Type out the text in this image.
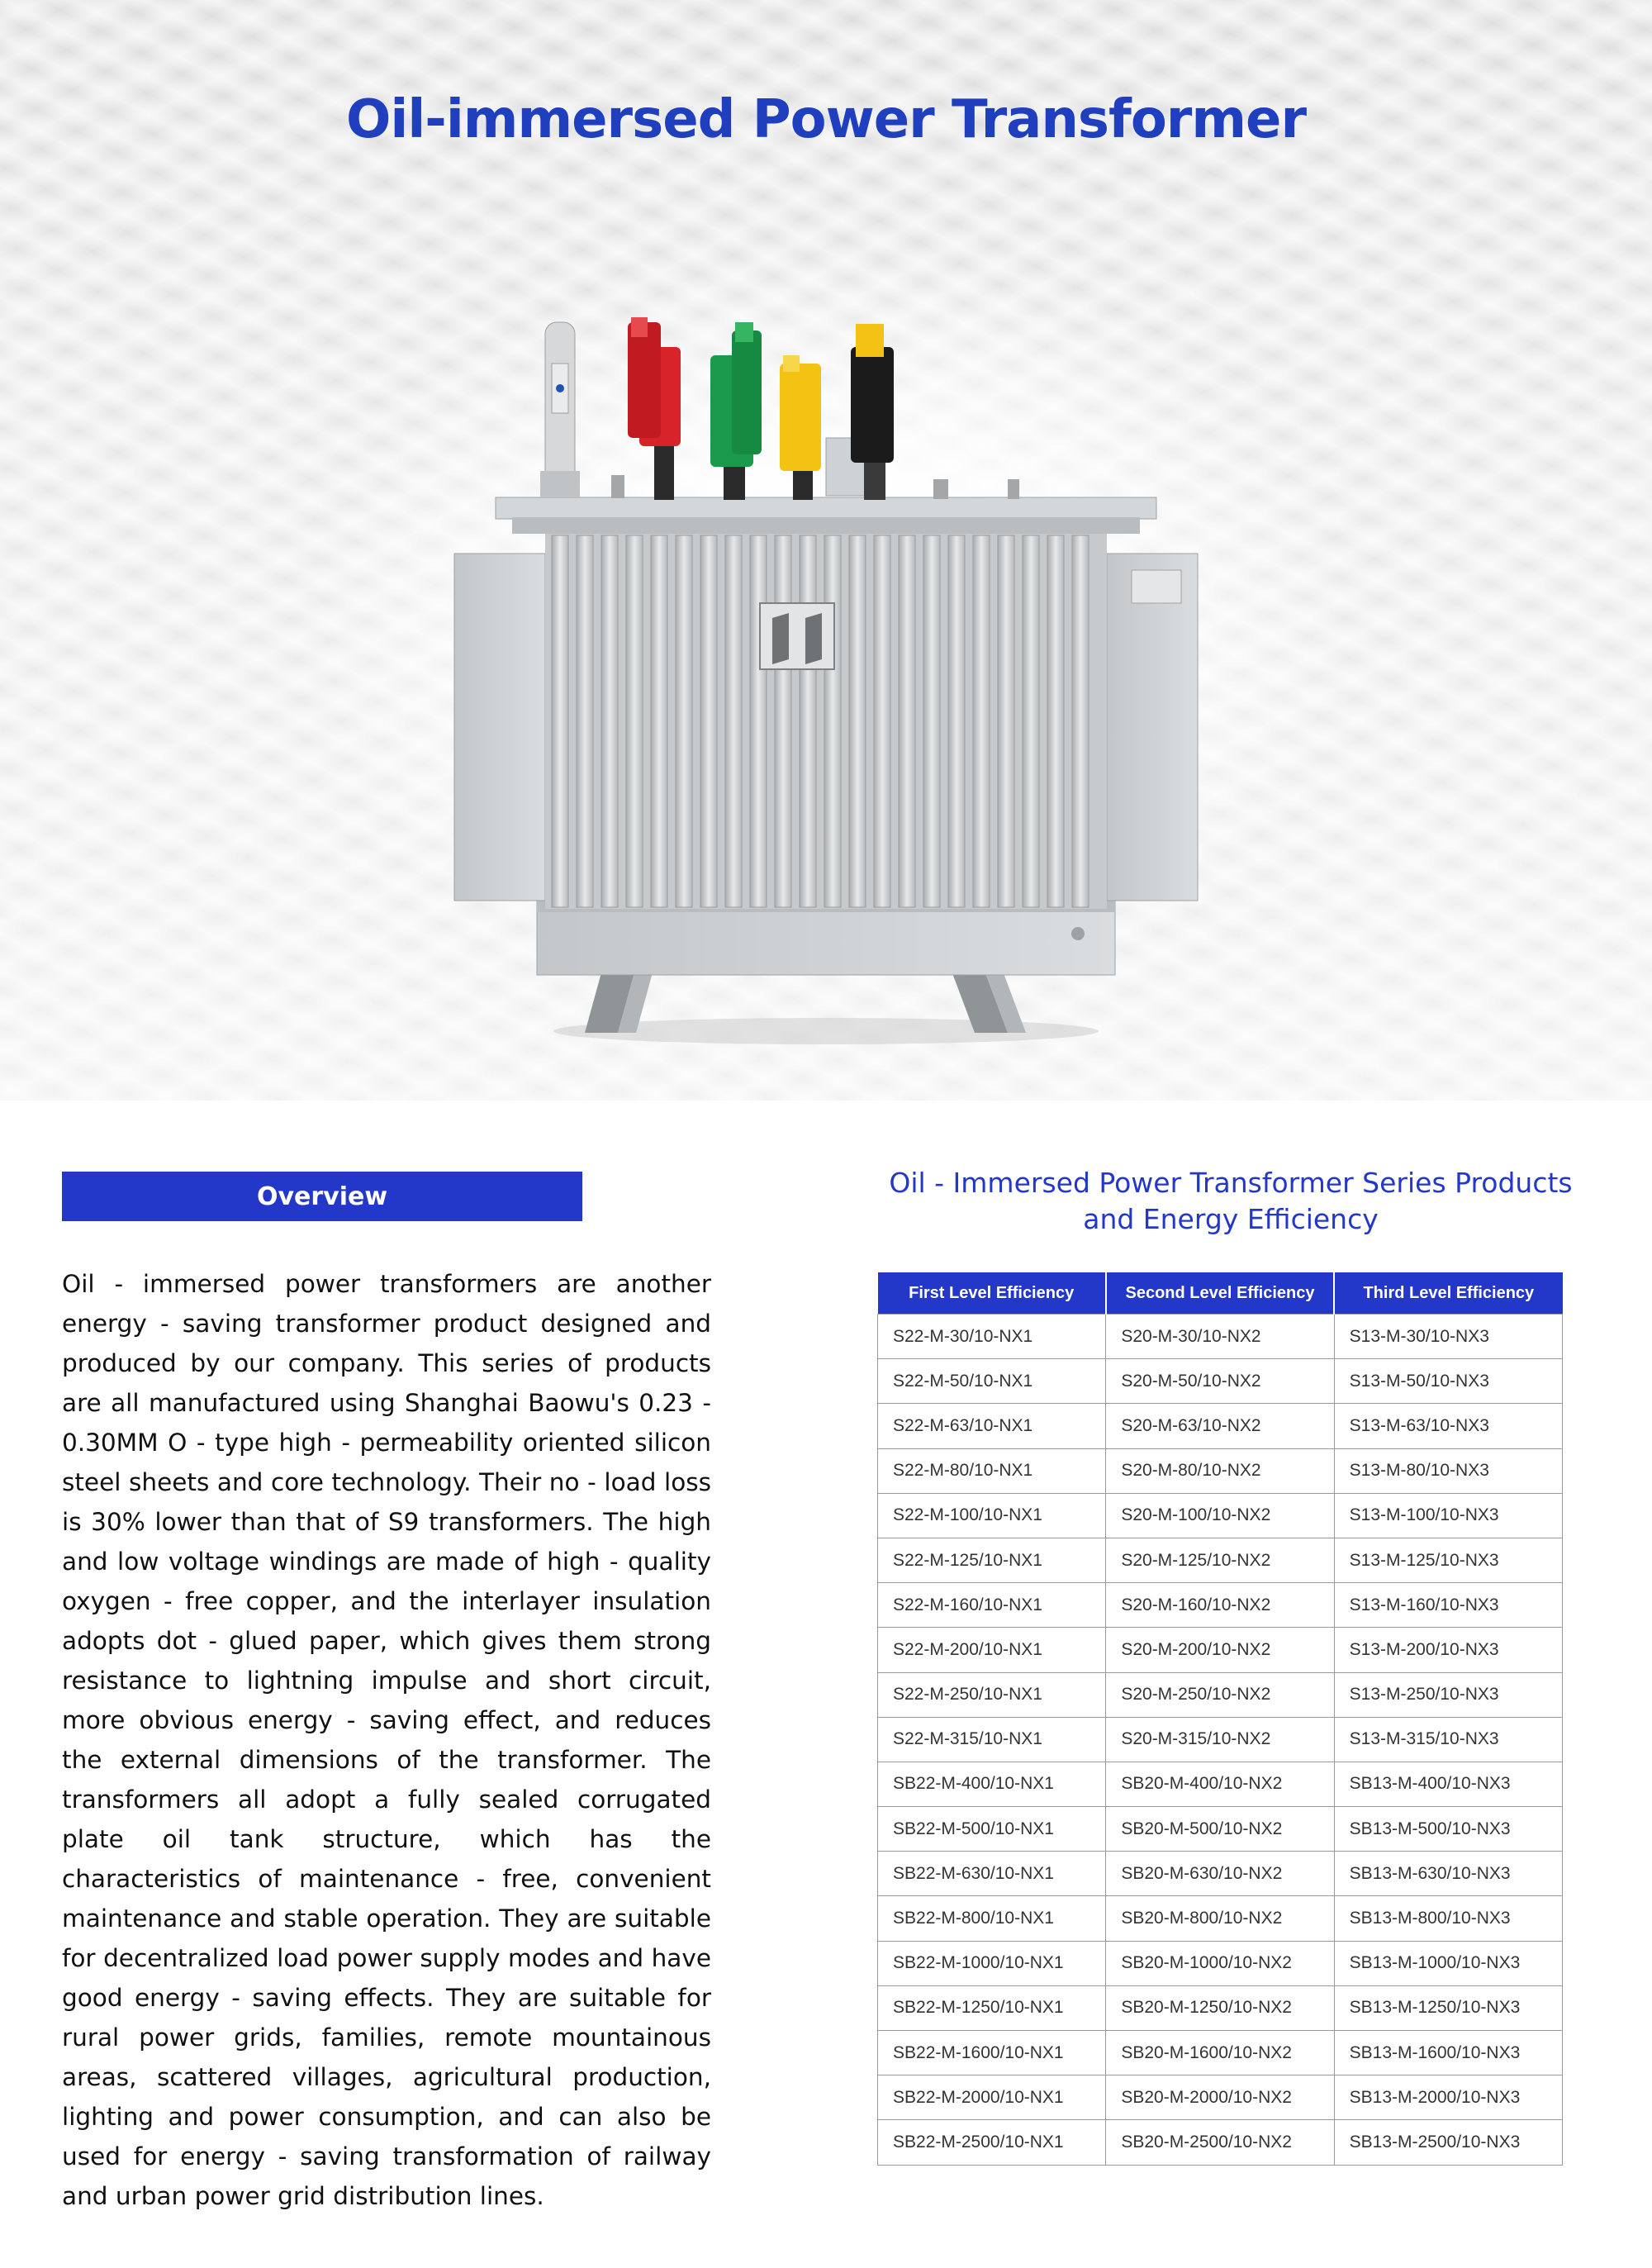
Oil-immersed Power Transformer
Overview

Oil - immersed power transformers are another energy - saving transformer product designed and produced by our company. This series of products are all manufactured using Shanghai Baowu's 0.23 - 0.30MM O - type high - permeability oriented silicon steel sheets and core technology. Their no - load loss is 30% lower than that of S9 transformers. The high and low voltage windings are made of high - quality oxygen - free copper, and the interlayer insulation adopts dot - glued paper, which gives them strong resistance to lightning impulse and short circuit, more obvious energy - saving effect, and reduces the external dimensions of the transformer. The transformers all adopt a fully sealed corrugated plate oil tank structure, which has the characteristics of maintenance - free, convenient maintenance and stable operation. They are suitable for decentralized load power supply modes and have good energy - saving effects. They are suitable for rural power grids, families, remote mountainous areas, scattered villages, agricultural production, lighting and power consumption, and can also be used for energy - saving transformation of railway and urban power grid distribution lines.

Oil - Immersed Power Transformer Series Products
and Energy Efficiency
First Level Efficiency	Second Level Efficiency	Third Level Efficiency
S22-M-30/10-NX1	S20-M-30/10-NX2	S13-M-30/10-NX3
S22-M-50/10-NX1	S20-M-50/10-NX2	S13-M-50/10-NX3
S22-M-63/10-NX1	S20-M-63/10-NX2	S13-M-63/10-NX3
S22-M-80/10-NX1	S20-M-80/10-NX2	S13-M-80/10-NX3
S22-M-100/10-NX1	S20-M-100/10-NX2	S13-M-100/10-NX3
S22-M-125/10-NX1	S20-M-125/10-NX2	S13-M-125/10-NX3
S22-M-160/10-NX1	S20-M-160/10-NX2	S13-M-160/10-NX3
S22-M-200/10-NX1	S20-M-200/10-NX2	S13-M-200/10-NX3
S22-M-250/10-NX1	S20-M-250/10-NX2	S13-M-250/10-NX3
S22-M-315/10-NX1	S20-M-315/10-NX2	S13-M-315/10-NX3
SB22-M-400/10-NX1	SB20-M-400/10-NX2	SB13-M-400/10-NX3
SB22-M-500/10-NX1	SB20-M-500/10-NX2	SB13-M-500/10-NX3
SB22-M-630/10-NX1	SB20-M-630/10-NX2	SB13-M-630/10-NX3
SB22-M-800/10-NX1	SB20-M-800/10-NX2	SB13-M-800/10-NX3
SB22-M-1000/10-NX1	SB20-M-1000/10-NX2	SB13-M-1000/10-NX3
SB22-M-1250/10-NX1	SB20-M-1250/10-NX2	SB13-M-1250/10-NX3
SB22-M-1600/10-NX1	SB20-M-1600/10-NX2	SB13-M-1600/10-NX3
SB22-M-2000/10-NX1	SB20-M-2000/10-NX2	SB13-M-2000/10-NX3
SB22-M-2500/10-NX1	SB20-M-2500/10-NX2	SB13-M-2500/10-NX3
